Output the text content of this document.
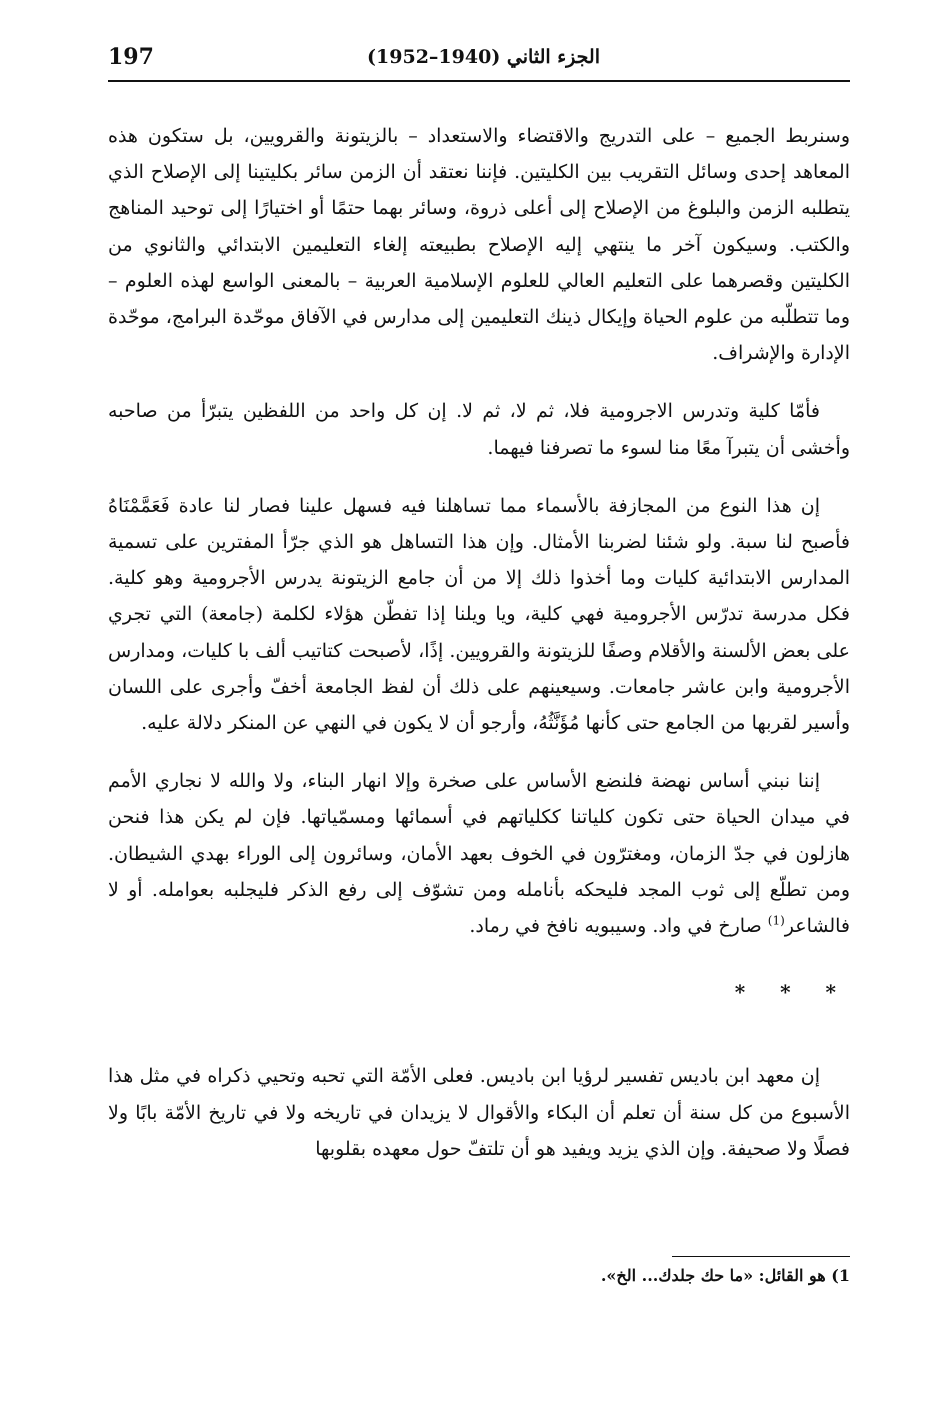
197	الجزء الثاني (1940–1952)

وسنربط الجميع – على التدريج والاقتضاء والاستعداد – بالزيتونة والقرويين، بل ستكون هذه المعاهد إحدى وسائل التقريب بين الكليتين. فإننا نعتقد أن الزمن سائر بكليتينا إلى الإصلاح الذي يتطلبه الزمن والبلوغ من الإصلاح إلى أعلى ذروة، وسائر بهما حتمًا أو اختيارًا إلى توحيد المناهج والكتب. وسيكون آخر ما ينتهي إليه الإصلاح بطبيعته إلغاء التعليمين الابتدائي والثانوي من الكليتين وقصرهما على التعليم العالي للعلوم الإسلامية العربية – بالمعنى الواسع لهذه العلوم – وما تتطلّبه من علوم الحياة وإيكال ذينك التعليمين إلى مدارس في الآفاق موحّدة البرامج، موحّدة الإدارة والإشراف.

فأمّا كلية وتدرس الاجرومية فلا، ثم لا، ثم لا. إن كل واحد من اللفظين يتبرّأ من صاحبه وأخشى أن يتبرآ معًا منا لسوء ما تصرفنا فيهما.

إن هذا النوع من المجازفة بالأسماء مما تساهلنا فيه فسهل علينا فصار لنا عادة فَعَمَّمْنَاهُ فأصبح لنا سبة. ولو شئنا لضربنا الأمثال. وإن هذا التساهل هو الذي جرّأ المفترين على تسمية المدارس الابتدائية كليات وما أخذوا ذلك إلا من أن جامع الزيتونة يدرس الأجرومية وهو كلية. فكل مدرسة تدرّس الأجرومية فهي كلية، ويا ويلنا إذا تفطّن هؤلاء لكلمة (جامعة) التي تجري على بعض الألسنة والأقلام وصفًا للزيتونة والقرويين. إذًا، لأصبحت كتاتيب ألف با كليات، ومدارس الأجرومية وابن عاشر جامعات. وسيعينهم على ذلك أن لفظ الجامعة أخفّ وأجرى على اللسان وأسير لقربها من الجامع حتى كأنها مُؤَنَّثُهُ، وأرجو أن لا يكون في النهي عن المنكر دلالة عليه.

إننا نبني أساس نهضة فلنضع الأساس على صخرة وإلا انهار البناء، ولا والله لا نجاري الأمم في ميدان الحياة حتى تكون كلياتنا ككلياتهم في أسمائها ومسمّياتها. فإن لم يكن هذا فنحن هازلون في جدّ الزمان، ومغترّون في الخوف بعهد الأمان، وسائرون إلى الوراء بهدي الشيطان. ومن تطلّع إلى ثوب المجد فليحكه بأنامله ومن تشوّف إلى رفع الذكر فليجلبه بعوامله. أو لا فالشاعر$^{(1)}$ صارخ في واد. وسيبويه نافخ في رماد.

* * *

إن معهد ابن باديس تفسير لرؤيا ابن باديس. فعلى الأمّة التي تحبه وتحيي ذكراه في مثل هذا الأسبوع من كل سنة أن تعلم أن البكاء والأقوال لا يزيدان في تاريخه ولا في تاريخ الأمّة بابًا ولا فصلًا ولا صحيفة. وإن الذي يزيد ويفيد هو أن تلتفّ حول معهده بقلوبها

1) هو القائل: «ما حك جلدك... الخ».
